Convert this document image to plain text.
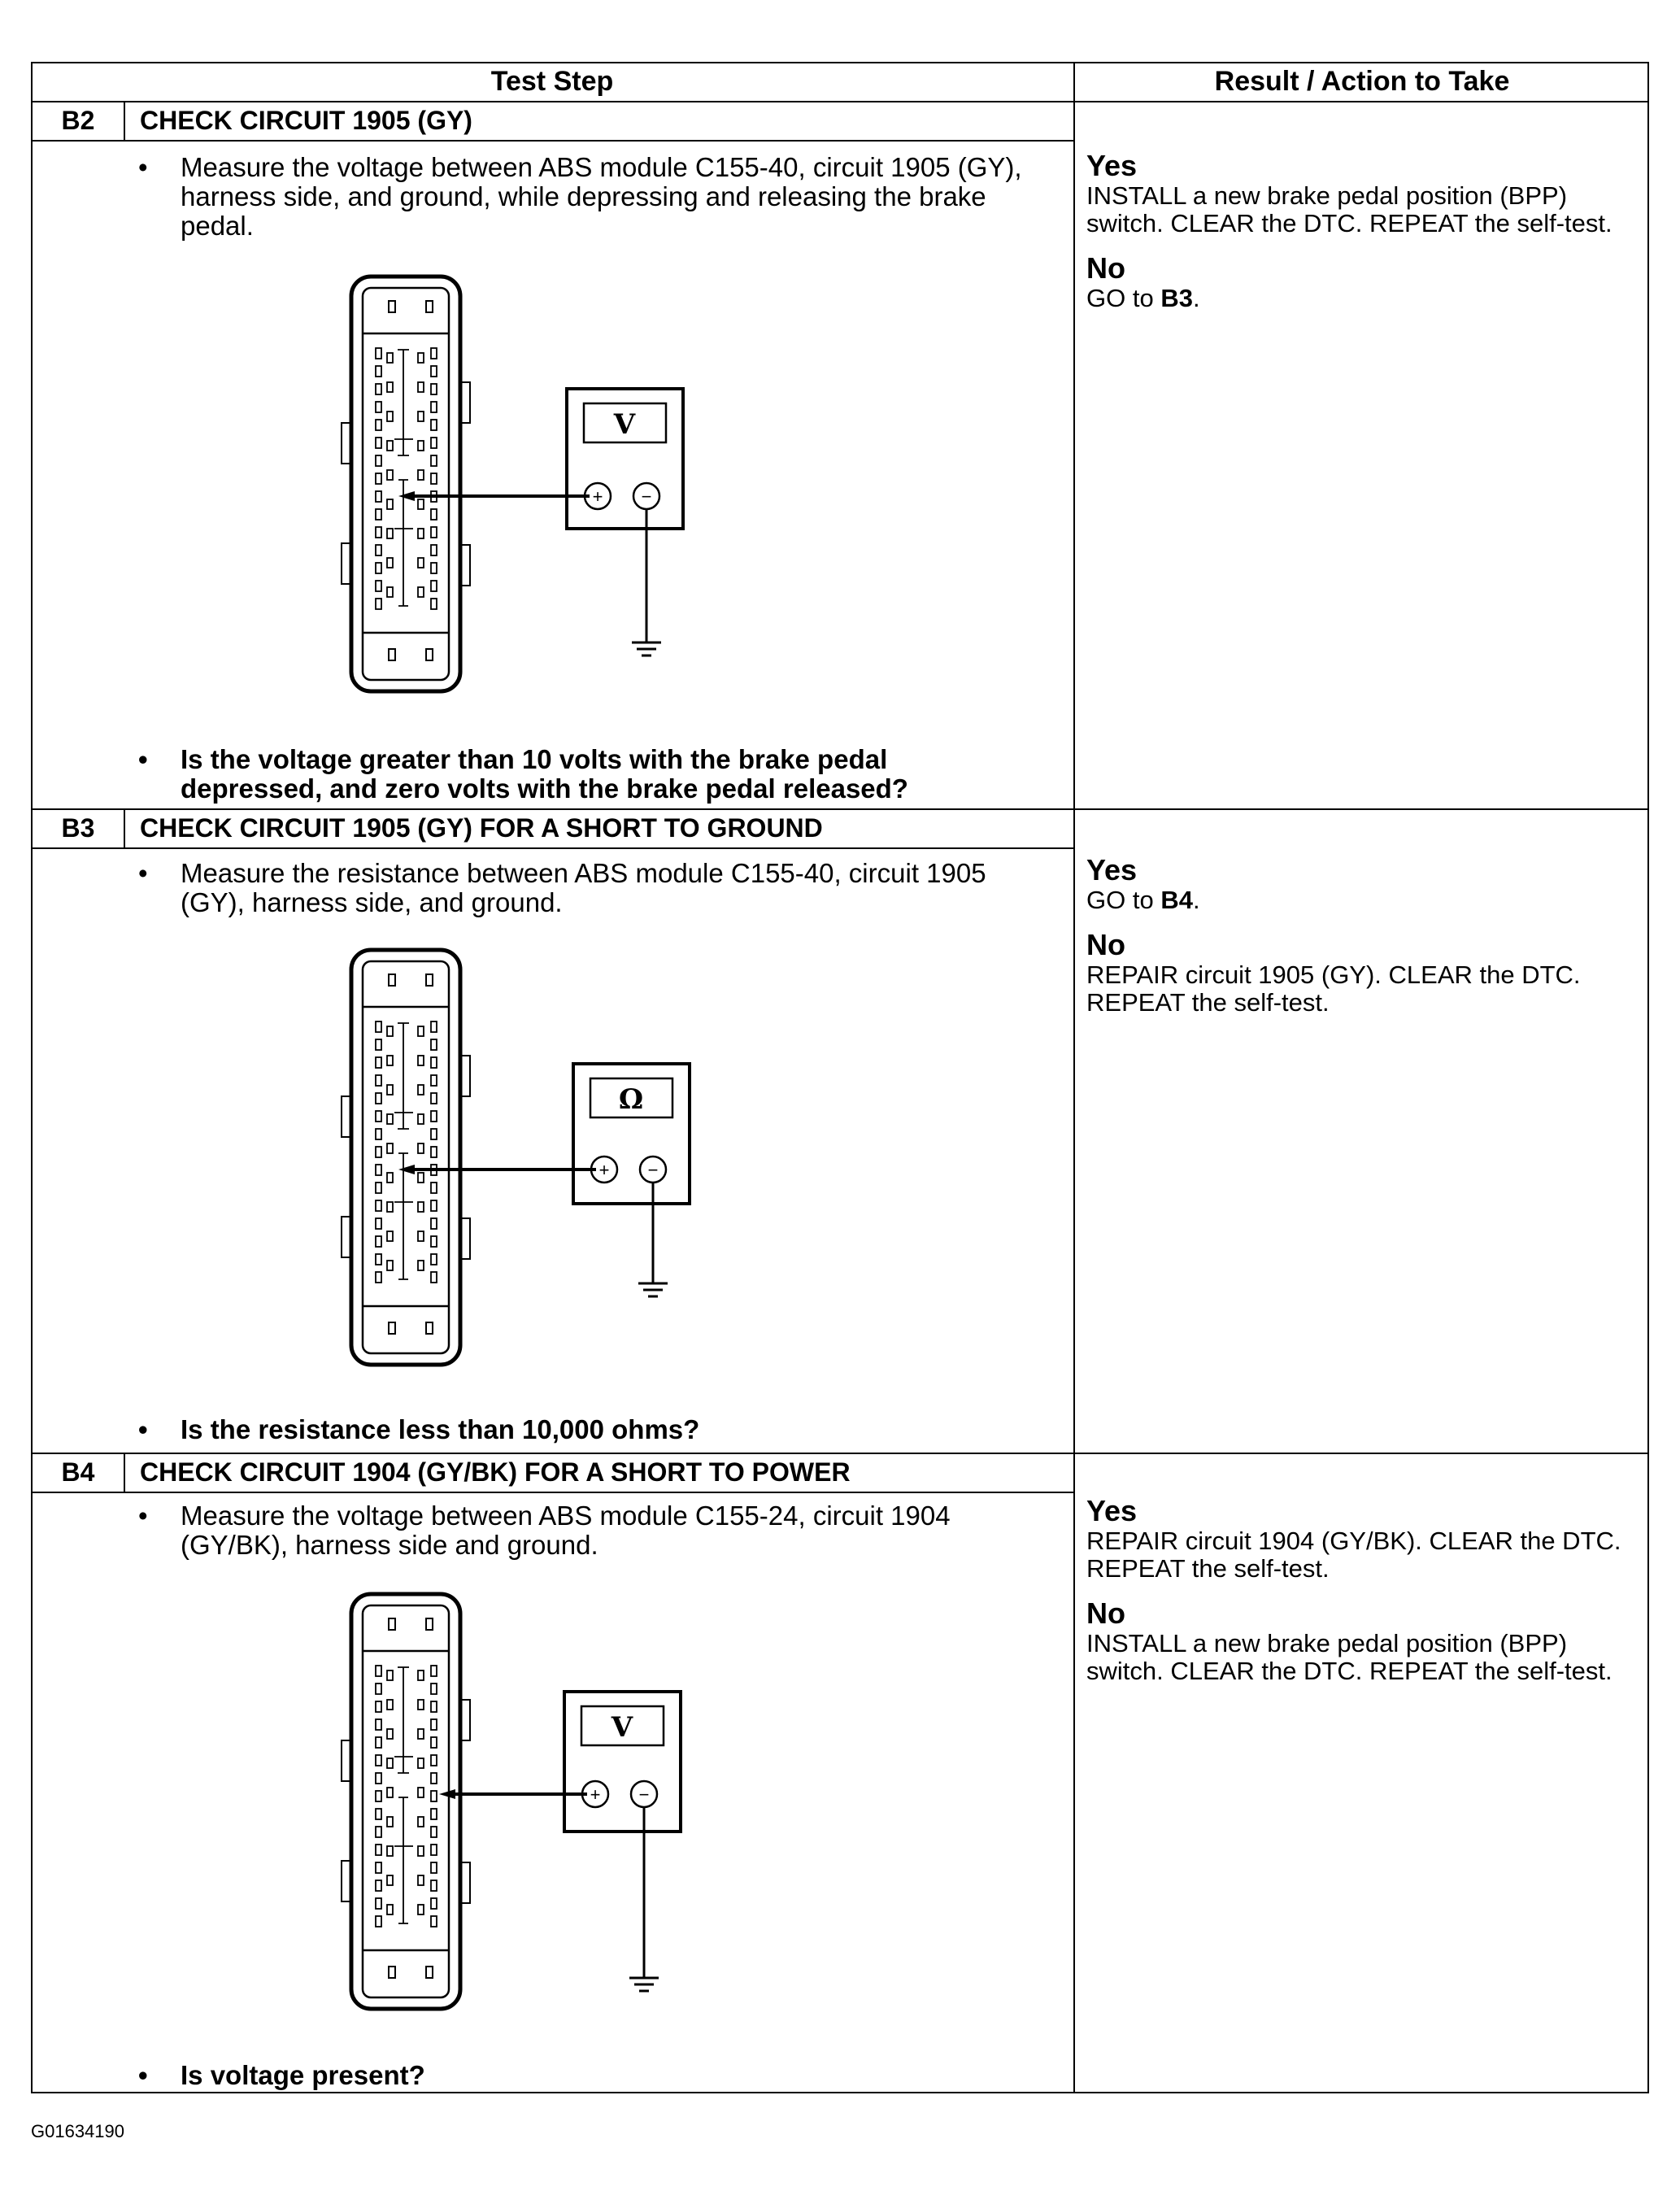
Test Step	Result / Action to Take
B2	CHECK CIRCUIT 1905 (GY)
• Measure the voltage between ABS module C155-40, circuit 1905 (GY), harness side, and ground, while depressing and releasing the brake pedal.
V
+ −
• Is the voltage greater than 10 volts with the brake pedal depressed, and zero volts with the brake pedal released?
Yes

INSTALL a new brake pedal position (BPP) switch. CLEAR the DTC. REPEAT the self-test.

No

GO to B3.

B3	CHECK CIRCUIT 1905 (GY) FOR A SHORT TO GROUND
• Measure the resistance between ABS module C155-40, circuit 1905 (GY), harness side, and ground.
Ω
+ −
• Is the resistance less than 10,000 ohms?
Yes

GO to B4.

No

REPAIR circuit 1905 (GY). CLEAR the DTC. REPEAT the self-test.

B4	CHECK CIRCUIT 1904 (GY/BK) FOR A SHORT TO POWER
• Measure the voltage between ABS module C155-24, circuit 1904 (GY/BK), harness side and ground.
V
+ −
• Is voltage present?
Yes

REPAIR circuit 1904 (GY/BK). CLEAR the DTC. REPEAT the self-test.

No

INSTALL a new brake pedal position (BPP) switch. CLEAR the DTC. REPEAT the self-test.

G01634190
